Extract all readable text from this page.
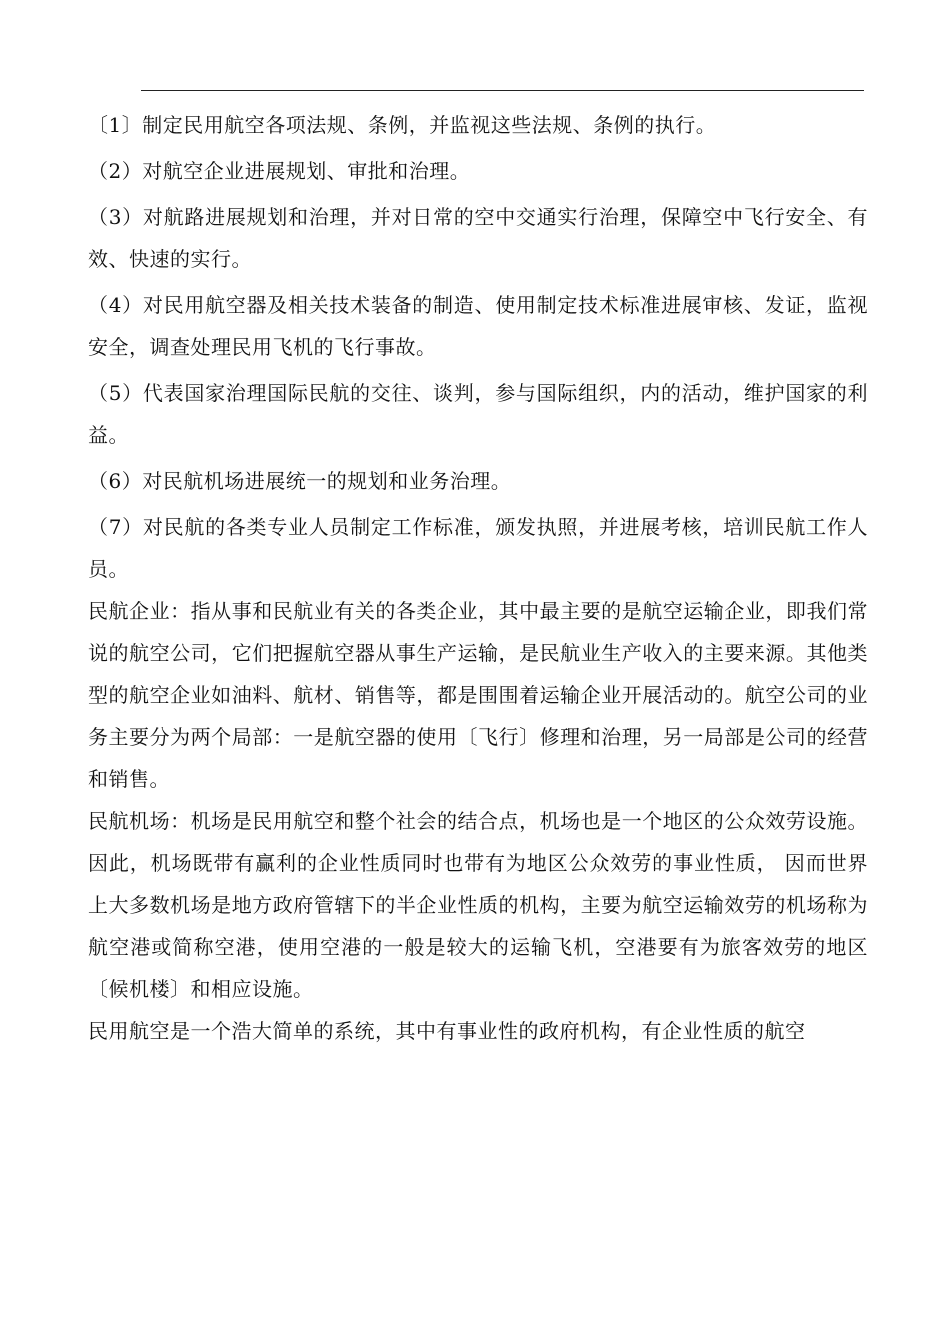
〔1〕制定民用航空各项法规、条例，并监视这些法规、条例的执行。

（2）对航空企业进展规划、审批和治理。

（3）对航路进展规划和治理，并对日常的空中交通实行治理，保障空中飞行安全、有效、快速的实行。

（4）对民用航空器及相关技术装备的制造、使用制定技术标准进展审核、发证，监视安全，调查处理民用飞机的飞行事故。

（5）代表国家治理国际民航的交往、谈判，参与国际组织，内的活动，维护国家的利益。

（6）对民航机场进展统一的规划和业务治理。

（7）对民航的各类专业人员制定工作标准，颁发执照，并进展考核，培训民航工作人员。

民航企业：指从事和民航业有关的各类企业，其中最主要的是航空运输企业，即我们常说的航空公司，它们把握航空器从事生产运输，是民航业生产收入的主要来源。其他类型的航空企业如油料、航材、销售等，都是围围着运输企业开展活动的。航空公司的业务主要分为两个局部：一是航空器的使用〔飞行〕修理和治理，另一局部是公司的经营和销售。

民航机场：机场是民用航空和整个社会的结合点，机场也是一个地区的公众效劳设施。因此，机场既带有赢利的企业性质同时也带有为地区公众效劳的事业性质， 因而世界上大多数机场是地方政府管辖下的半企业性质的机构，主要为航空运输效劳的机场称为航空港或简称空港，使用空港的一般是较大的运输飞机，空港要有为旅客效劳的地区〔候机楼〕和相应设施。

民用航空是一个浩大简单的系统，其中有事业性的政府机构，有企业性质的航空
